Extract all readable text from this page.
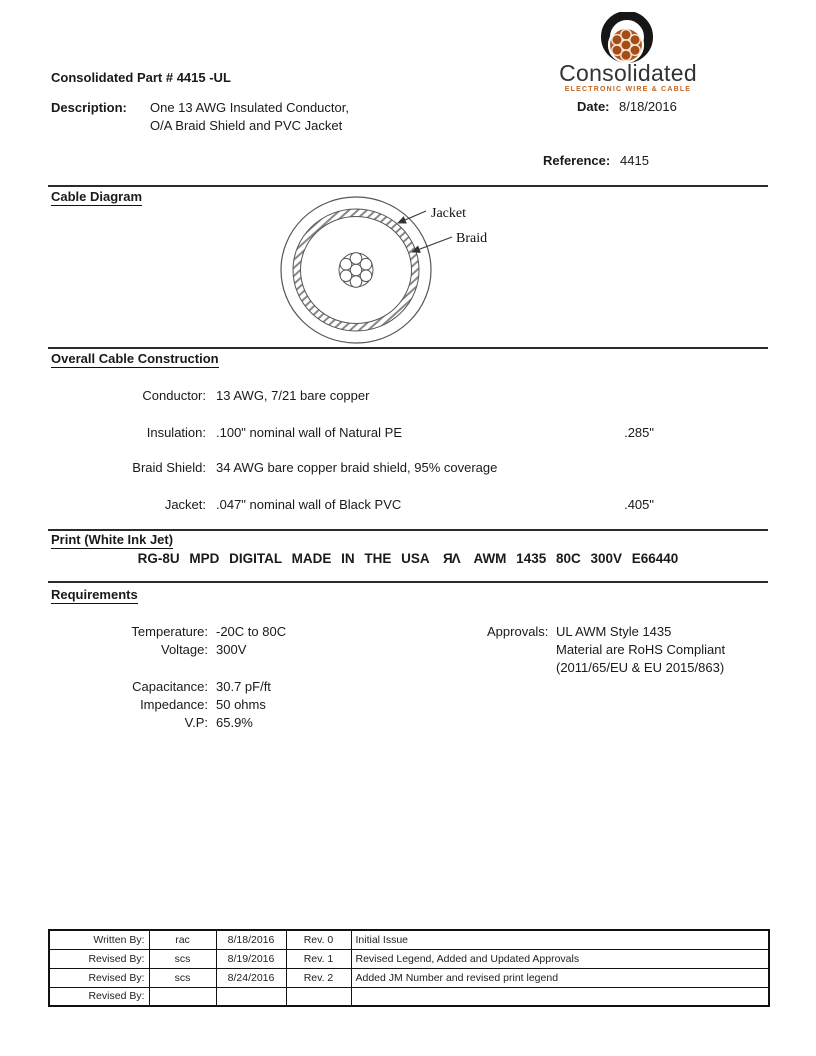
Consolidated Part # 4415 -UL
Description: One 13 AWG Insulated Conductor,
O/A Braid Shield and PVC Jacket
Consolidated
ELECTRONIC WIRE & CABLE
Date: 8/18/2016
Reference: 4415
Cable Diagram
Jacket
Braid
Overall Cable Construction
Conductor: 13 AWG, 7/21 bare copper
Insulation: .100" nominal wall of Natural PE	.285"
Braid Shield: 34 AWG bare copper braid shield, 95% coverage
Jacket: .047" nominal wall of Black PVC	.405"
Print (White Ink Jet)
RG-8U MPD DIGITAL MADE IN THE USA ЯΛ AWM 1435 80C 300V E66440
Requirements
Temperature: -20C to 80C
Voltage: 300V
Capacitance: 30.7 pF/ft
Impedance: 50 ohms
V.P: 65.9%
Approvals: UL AWM Style 1435
Material are RoHS Compliant
(2011/65/EU & EU 2015/863)
Written By:	rac	8/18/2016	Rev. 0	Initial Issue
Revised By:	scs	8/19/2016	Rev. 1	Revised Legend, Added and Updated Approvals
Revised By:	scs	8/24/2016	Rev. 2	Added JM Number and revised print legend
Revised By:				
